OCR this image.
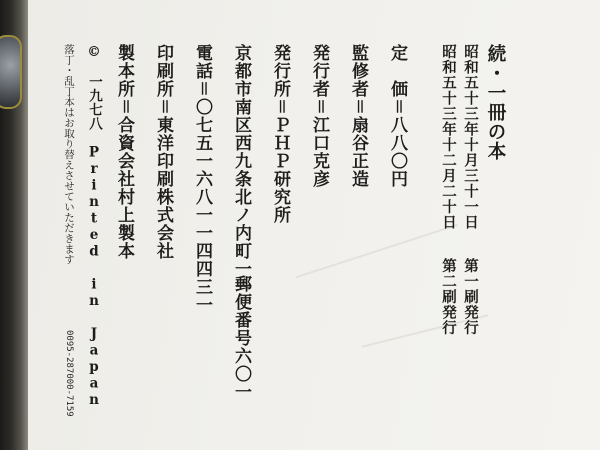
続・一冊の本
昭和五十三年十月三十一日
第一刷発行
昭和五十三年十二月二十日
第二刷発行
定　価＝八八〇円
監修者＝扇谷正造
発行者＝江口克彦
発行所＝ＰＨＰ研究所
京都市南区西九条北ノ内町一一
郵便番号六〇一
電話＝〇七五一六八一一四四三一
印刷所＝東洋印刷株式会社
製本所＝合資会社村上製本
©　一九七八　Printed in Japan
落丁・乱丁本はお取り替えさせていただきます
0095-287000-7159
